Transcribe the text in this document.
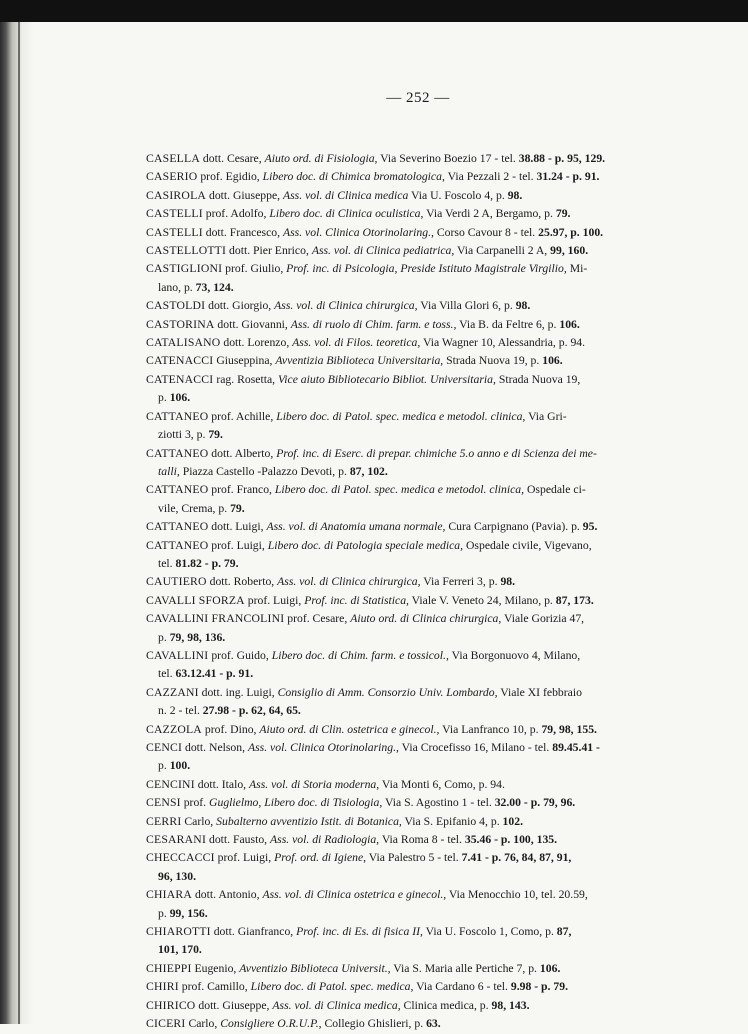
— 252 —
CASELLA dott. Cesare, Aiuto ord. di Fisiologia, Via Severino Boezio 17 - tel. 38.88 - p. 95, 129.
CASERIO prof. Egidio, Libero doc. di Chimica bromatologica, Via Pezzali 2 - tel. 31.24 - p. 91.
CASIROLA dott. Giuseppe, Ass. vol. di Clinica medica Via U. Foscolo 4, p. 98.
CASTELLI prof. Adolfo, Libero doc. di Clinica oculistica, Via Verdi 2 A, Bergamo, p. 79.
CASTELLI dott. Francesco, Ass. vol. Clinica Otorinolaring., Corso Cavour 8 - tel. 25.97, p. 100.
CASTELLOTTI dott. Pier Enrico, Ass. vol. di Clinica pediatrica, Via Carpanelli 2 A, 99, 160.
CASTIGLIONI prof. Giulio, Prof. inc. di Psicologia, Preside Istituto Magistrale Virgilio, Mi-
lano, p. 73, 124.
CASTOLDI dott. Giorgio, Ass. vol. di Clinica chirurgica, Via Villa Glori 6, p. 98.
CASTORINA dott. Giovanni, Ass. di ruolo di Chim. farm. e toss., Via B. da Feltre 6, p. 106.
CATALISANO dott. Lorenzo, Ass. vol. di Filos. teoretica, Via Wagner 10, Alessandria, p. 94.
CATENACCI Giuseppina, Avventizia Biblioteca Universitaria, Strada Nuova 19, p. 106.
CATENACCI rag. Rosetta, Vice aiuto Bibliotecario Bibliot. Universitaria, Strada Nuova 19,
p. 106.
CATTANEO prof. Achille, Libero doc. di Patol. spec. medica e metodol. clinica, Via Gri-
ziotti 3, p. 79.
CATTANEO dott. Alberto, Prof. inc. di Eserc. di prepar. chimiche 5.o anno e di Scienza dei me-
talli, Piazza Castello -Palazzo Devoti, p. 87, 102.
CATTANEO prof. Franco, Libero doc. di Patol. spec. medica e metodol. clinica, Ospedale ci-
vile, Crema, p. 79.
CATTANEO dott. Luigi, Ass. vol. di Anatomia umana normale, Cura Carpignano (Pavia). p. 95.
CATTANEO prof. Luigi, Libero doc. di Patologia speciale medica, Ospedale civile, Vigevano,
tel. 81.82 - p. 79.
CAUTIERO dott. Roberto, Ass. vol. di Clinica chirurgica, Via Ferreri 3, p. 98.
CAVALLI SFORZA prof. Luigi, Prof. inc. di Statistica, Viale V. Veneto 24, Milano, p. 87, 173.
CAVALLINI FRANCOLINI prof. Cesare, Aiuto ord. di Clinica chirurgica, Viale Gorizia 47,
p. 79, 98, 136.
CAVALLINI prof. Guido, Libero doc. di Chim. farm. e tossicol., Via Borgonuovo 4, Milano,
tel. 63.12.41 - p. 91.
CAZZANI dott. ing. Luigi, Consiglio di Amm. Consorzio Univ. Lombardo, Viale XI febbraio
n. 2 - tel. 27.98 - p. 62, 64, 65.
CAZZOLA prof. Dino, Aiuto ord. di Clin. ostetrica e ginecol., Via Lanfranco 10, p. 79, 98, 155.
CENCI dott. Nelson, Ass. vol. Clinica Otorinolaring., Via Crocefisso 16, Milano - tel. 89.45.41 -
p. 100.
CENCINI dott. Italo, Ass. vol. di Storia moderna, Via Monti 6, Como, p. 94.
CENSI prof. Guglielmo, Libero doc. di Tisiologia, Via S. Agostino 1 - tel. 32.00 - p. 79, 96.
CERRI Carlo, Subalterno avventizio Istit. di Botanica, Via S. Epifanio 4, p. 102.
CESARANI dott. Fausto, Ass. vol. di Radiologia, Via Roma 8 - tel. 35.46 - p. 100, 135.
CHECCACCI prof. Luigi, Prof. ord. di Igiene, Via Palestro 5 - tel. 7.41 - p. 76, 84, 87, 91,
96, 130.
CHIARA dott. Antonio, Ass. vol. di Clinica ostetrica e ginecol., Via Menocchio 10, tel. 20.59,
p. 99, 156.
CHIAROTTI dott. Gianfranco, Prof. inc. di Es. di fisica II, Via U. Foscolo 1, Como, p. 87,
101, 170.
CHIEPPI Eugenio, Avventizio Biblioteca Universit., Via S. Maria alle Pertiche 7, p. 106.
CHIRI prof. Camillo, Libero doc. di Patol. spec. medica, Via Cardano 6 - tel. 9.98 - p. 79.
CHIRICO dott. Giuseppe, Ass. vol. di Clinica medica, Clinica medica, p. 98, 143.
CICERI Carlo, Consigliere O.R.U.P., Collegio Ghislieri, p. 63.
